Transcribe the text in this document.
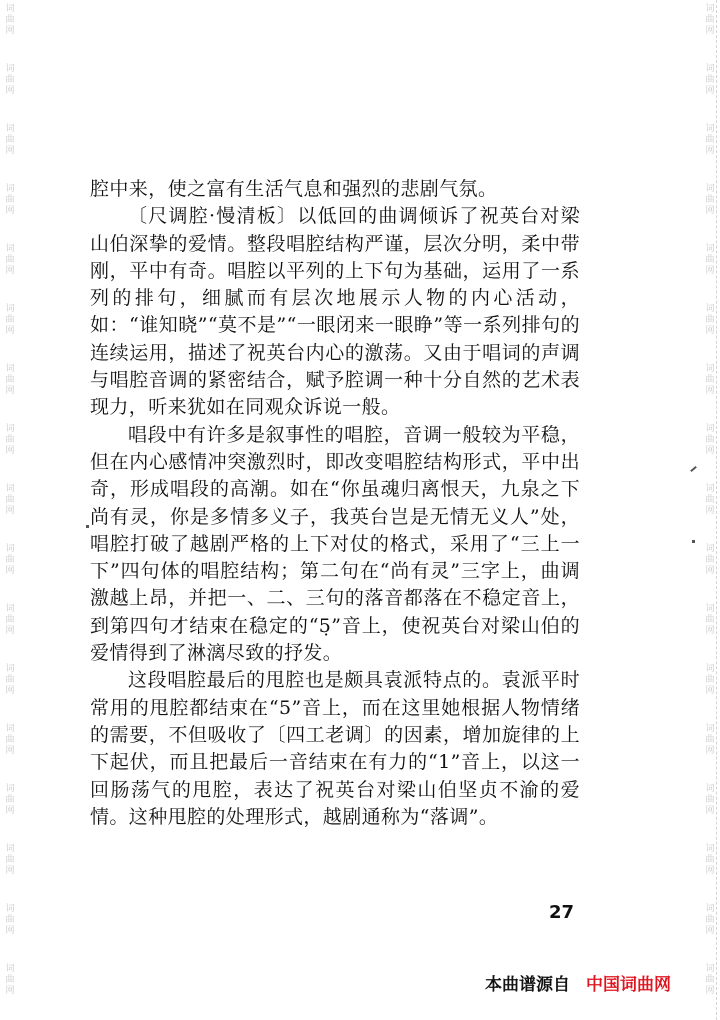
词
曲
网
词
曲
网
词
曲
网
词
曲
网
词
曲
网
词
曲
网
词
曲
网
词
曲
网
词
曲
网
词
曲
网
词
曲
网
词
曲
网
词
曲
网
词
曲
网
词
曲
网
词
曲
网
词
曲
网
词
曲
网
词
曲
网
词
曲
网
词
曲
网
词
曲
网
词
曲
网
词
曲
网
词
曲
网
词
曲
网
词
曲
网
词
曲
网
词
曲
网
词
曲
网
词
曲
网
词
曲
网
词
曲
网
词
曲
网

腔中来，使之富有生活气息和强烈的悲剧气氛。

〔尺调腔·慢清板〕以低回的曲调倾诉了祝英台对梁山伯深挚的爱情。整段唱腔结构严谨，层次分明，柔中带刚，平中有奇。唱腔以平列的上下句为基础，运用了一系列的排句，细腻而有层次地展示人物的内心活动，如：“谁知晓”“莫不是”“一眼闭来一眼睁”等一系列排句的连续运用，描述了祝英台内心的激荡。又由于唱词的声调与唱腔音调的紧密结合，赋予腔调一种十分自然的艺术表现力，听来犹如在同观众诉说一般。

唱段中有许多是叙事性的唱腔，音调一般较为平稳，但在内心感情冲突激烈时，即改变唱腔结构形式，平中出奇，形成唱段的高潮。如在“你虽魂归离恨天，九泉之下尚有灵，你是多情多义子，我英台岂是无情无义人”处，唱腔打破了越剧严格的上下对仗的格式，采用了“三上一下”四句体的唱腔结构；第二句在“尚有灵”三字上，曲调激越上昂，并把一、二、三句的落音都落在不稳定音上，到第四句才结束在稳定的“5̣”音上，使祝英台对梁山伯的爱情得到了淋漓尽致的抒发。

这段唱腔最后的甩腔也是颇具袁派特点的。袁派平时常用的甩腔都结束在“5”音上，而在这里她根据人物情绪的需要，不但吸收了〔四工老调〕的因素，增加旋律的上下起伏，而且把最后一音结束在有力的“1”音上，以这一回肠荡气的甩腔，表达了祝英台对梁山伯坚贞不渝的爱情。这种甩腔的处理形式，越剧通称为“落调”。

27
本曲谱源自 中国词曲网
